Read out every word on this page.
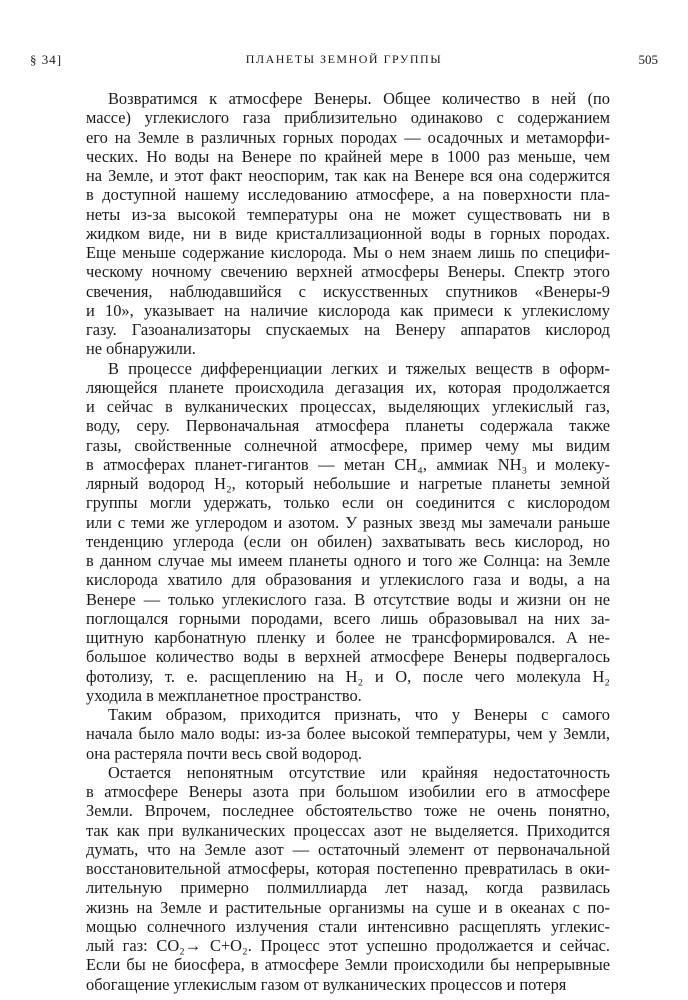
§ 34]	ПЛАНЕТЫ ЗЕМНОЙ ГРУППЫ	505

Возвратимся к атмосфере Венеры. Общее количество в ней (по
массе) углекислого газа приблизительно одинаково с содержанием
его на Земле в различных горных породах — осадочных и метаморфи-
ческих. Но воды на Венере по крайней мере в 1000 раз меньше, чем
на Земле, и этот факт неоспорим, так как на Венере вся она содержится
в доступной нашему исследованию атмосфере, а на поверхности пла-
неты из-за высокой температуры она не может существовать ни в
жидком виде, ни в виде кристаллизационной воды в горных породах.
Еще меньше содержание кислорода. Мы о нем знаем лишь по специфи-
ческому ночному свечению верхней атмосферы Венеры. Спектр этого
свечения, наблюдавшийся с искусственных спутников «Венеры-9
и 10», указывает на наличие кислорода как примеси к углекислому
газу. Газоанализаторы спускаемых на Венеру аппаратов кислород
не обнаружили.

В процессе дифференциации легких и тяжелых веществ в оформ-
ляющейся планете происходила дегазация их, которая продолжается
и сейчас в вулканических процессах, выделяющих углекислый газ,
воду, серу. Первоначальная атмосфера планеты содержала также
газы, свойственные солнечной атмосфере, пример чему мы видим
в атмосферах планет-гигантов — метан CH₄, аммиак NH₃ и молеку-
лярный водород H₂, который небольшие и нагретые планеты земной
группы могли удержать, только если он соединится с кислородом
или с теми же углеродом и азотом. У разных звезд мы замечали раньше
тенденцию углерода (если он обилен) захватывать весь кислород, но
в данном случае мы имеем планеты одного и того же Солнца: на Земле
кислорода хватило для образования и углекислого газа и воды, а на
Венере — только углекислого газа. В отсутствие воды и жизни он не
поглощался горными породами, всего лишь образовывал на них за-
щитную карбонатную пленку и более не трансформировался. А не-
большое количество воды в верхней атмосфере Венеры подвергалось
фотолизу, т. е. расщеплению на H₂ и O, после чего молекула H₂
уходила в межпланетное пространство.

Таким образом, приходится признать, что у Венеры с самого
начала было мало воды: из-за более высокой температуры, чем у Земли,
она растеряла почти весь свой водород.

Остается непонятным отсутствие или крайняя недостаточность
в атмосфере Венеры азота при большом изобилии его в атмосфере
Земли. Впрочем, последнее обстоятельство тоже не очень понятно,
так как при вулканических процессах азот не выделяется. Приходится
думать, что на Земле азот — остаточный элемент от первоначальной
восстановительной атмосферы, которая постепенно превратилась в оки-
лительную примерно полмиллиарда лет назад, когда развилась
жизнь на Земле и растительные организмы на суше и в океанах с по-
мощью солнечного излучения стали интенсивно расщеплять углекис-
лый газ: CO₂→ C+O₂. Процесс этот успешно продолжается и сейчас.
Если бы не биосфера, в атмосфере Земли происходили бы непрерывные
обогащение углекислым газом от вулканических процессов и потеря
